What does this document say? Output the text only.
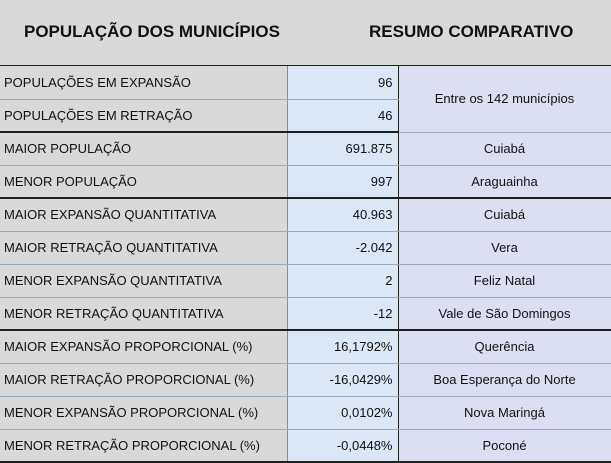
POPULAÇÃO DOS MUNICÍPIOS	RESUMO COMPARATIVO
POPULAÇÕES EM EXPANSÃO	96	Entre os 142 municípios
POPULAÇÕES EM RETRAÇÃO	46	
MAIOR POPULAÇÃO	691.875	Cuiabá
MENOR POPULAÇÃO	997	Araguainha
MAIOR EXPANSÃO QUANTITATIVA	40.963	Cuiabá
MAIOR RETRAÇÃO QUANTITATIVA	-2.042	Vera
MENOR EXPANSÃO QUANTITATIVA	2	Feliz Natal
MENOR RETRAÇÃO QUANTITATIVA	-12	Vale de São Domingos
MAIOR EXPANSÃO PROPORCIONAL (%)	16,1792%	Querência
MAIOR RETRAÇÃO PROPORCIONAL (%)	-16,0429%	Boa Esperança do Norte
MENOR EXPANSÃO PROPORCIONAL (%)	0,0102%	Nova Maringá
MENOR RETRAÇÃO PROPORCIONAL (%)	-0,0448%	Poconé
